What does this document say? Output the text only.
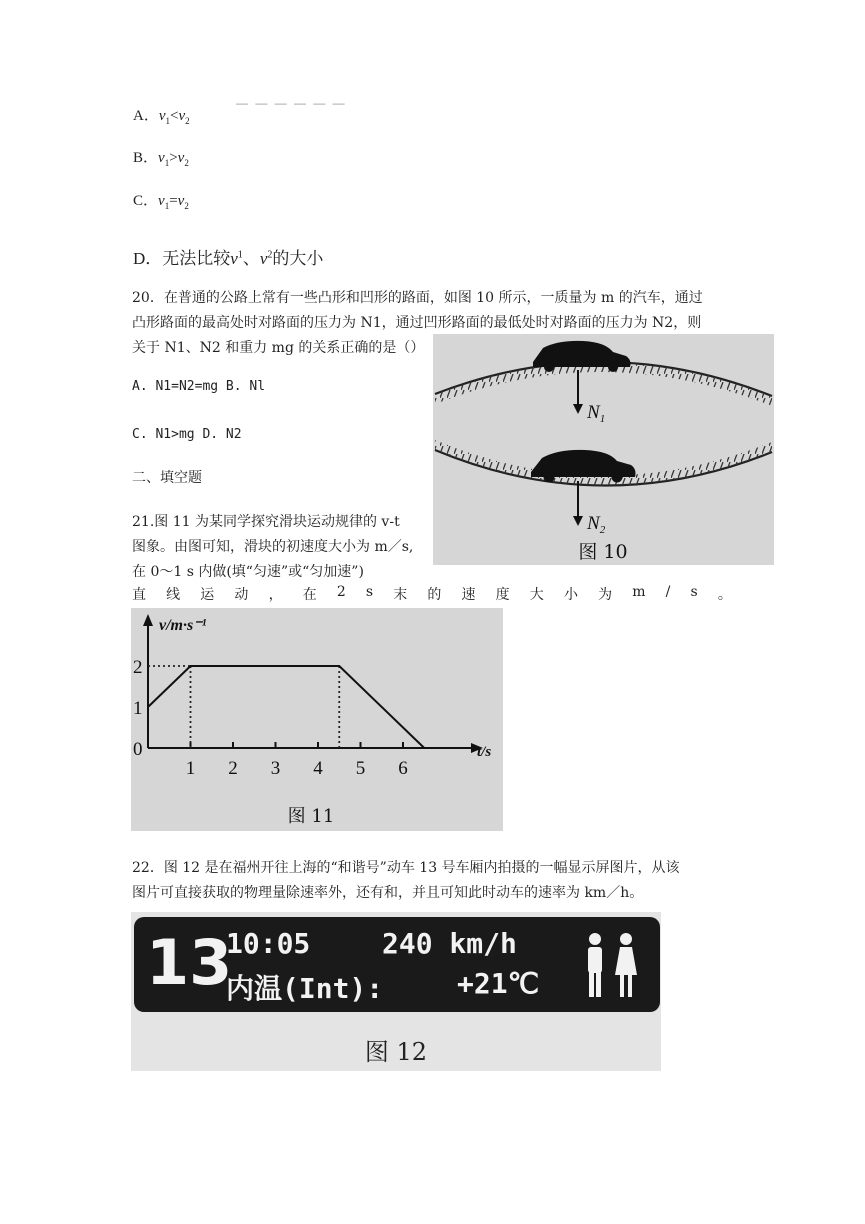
— — — — — —
A．$v_1<v_2$
B．$v_1>v_2$
C．$v_1=v_2$
D．无法比较$v^1$、$v^2$的大小
20．在普通的公路上常有一些凸形和凹形的路面，如图 10 所示，一质量为 m 的汽车，通过
凸形路面的最高处时对路面的压力为 N1，通过凹形路面的最低处时对路面的压力为 N2，则
关于 N1、N2 和重力 mg 的关系正确的是（）
A. N1=N2=mg B. Nl
C. N1>mg D. N2
二、填空题
21.图 11 为某同学探究滑块运动规律的 v-t
图象。由图可知，滑块的初速度大小为 m／s,
在 0～1 s 内做(填“匀速”或“匀加速”)
直 线 运 动 ， 在 2 s 末 的 速 度 大 小 为 m / s 。
$N_1$
$N_2$
图 10
v/m·s⁻¹
t/s
1 2 3 4 5 6
2
1
0
图 11
22．图 12 是在福州开往上海的“和谐号”动车 13 号车厢内拍摄的一幅显示屏图片，从该
图片可直接获取的物理量除速率外，还有和，并且可知此时动车的速率为 km／h。
13
10:05	240 km/h
内温(Int):	+21℃
图 12
